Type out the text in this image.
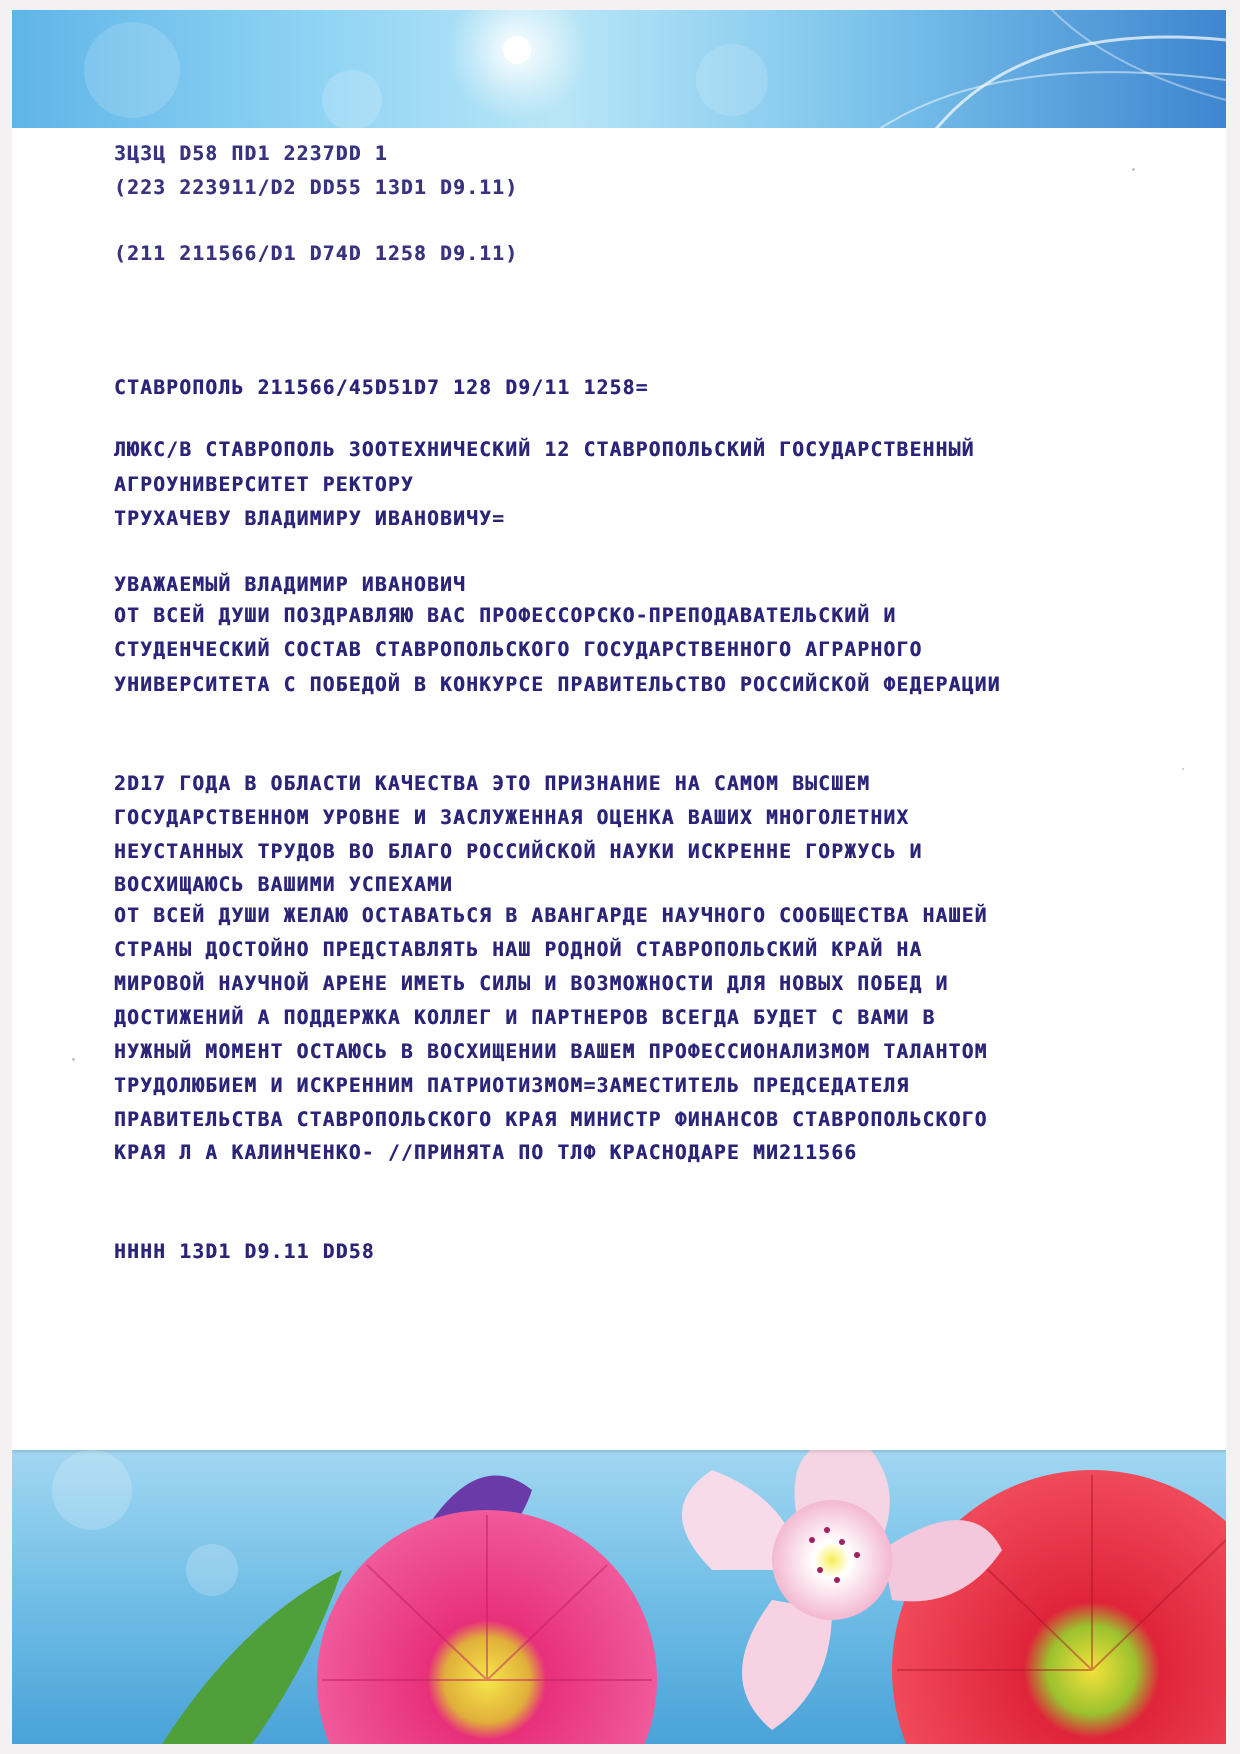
ЗЦЗЦ D58 ПD1 2237DD 1
(223 223911/D2 DD55 13D1 D9.11)
(211 211566/D1 D74D 1258 D9.11)
СТАВРОПОЛЬ 211566/45D51D7 128 D9/11 1258=
ЛЮКС/В СТАВРОПОЛЬ ЗООТЕХНИЧЕСКИЙ 12 СТАВРОПОЛЬСКИЙ ГОСУДАРСТВЕННЫЙ
АГРОУНИВЕРСИТЕТ РЕКТОРУ
ТРУХАЧЕВУ ВЛАДИМИРУ ИВАНОВИЧУ=
УВАЖАЕМЫЙ ВЛАДИМИР ИВАНОВИЧ
ОТ ВСЕЙ ДУШИ ПОЗДРАВЛЯЮ ВАС ПРОФЕССОРСКО-ПРЕПОДАВАТЕЛЬСКИЙ И
СТУДЕНЧЕСКИЙ СОСТАВ СТАВРОПОЛЬСКОГО ГОСУДАРСТВЕННОГО АГРАРНОГО
УНИВЕРСИТЕТА С ПОБЕДОЙ В КОНКУРСЕ ПРАВИТЕЛЬСТВО РОССИЙСКОЙ ФЕДЕРАЦИИ
2D17 ГОДА В ОБЛАСТИ КАЧЕСТВА ЭТО ПРИЗНАНИЕ НА САМОМ ВЫСШЕМ
ГОСУДАРСТВЕННОМ УРОВНЕ И ЗАСЛУЖЕННАЯ ОЦЕНКА ВАШИХ МНОГОЛЕТНИХ
НЕУСТАННЫХ ТРУДОВ ВО БЛАГО РОССИЙСКОЙ НАУКИ ИСКРЕННЕ ГОРЖУСЬ И
ВОСХИЩАЮСЬ ВАШИМИ УСПЕХАМИ
ОТ ВСЕЙ ДУШИ ЖЕЛАЮ ОСТАВАТЬСЯ В АВАНГАРДЕ НАУЧНОГО СООБЩЕСТВА НАШЕЙ
СТРАНЫ ДОСТОЙНО ПРЕДСТАВЛЯТЬ НАШ РОДНОЙ СТАВРОПОЛЬСКИЙ КРАЙ НА
МИРОВОЙ НАУЧНОЙ АРЕНЕ ИМЕТЬ СИЛЫ И ВОЗМОЖНОСТИ ДЛЯ НОВЫХ ПОБЕД И
ДОСТИЖЕНИЙ А ПОДДЕРЖКА КОЛЛЕГ И ПАРТНЕРОВ ВСЕГДА БУДЕТ С ВАМИ В
НУЖНЫЙ МОМЕНТ ОСТАЮСЬ В ВОСХИЩЕНИИ ВАШЕМ ПРОФЕССИОНАЛИЗМОМ ТАЛАНТОМ
ТРУДОЛЮБИЕМ И ИСКРЕННИМ ПАТРИОТИЗМОМ=ЗАМЕСТИТЕЛЬ ПРЕДСЕДАТЕЛЯ
ПРАВИТЕЛЬСТВА СТАВРОПОЛЬСКОГО КРАЯ МИНИСТР ФИНАНСОВ СТАВРОПОЛЬСКОГО
КРАЯ Л А КАЛИНЧЕНКО- //ПРИНЯТА ПО ТЛФ КРАСНОДАРЕ МИ211566
НННН 13D1 D9.11 DD58
